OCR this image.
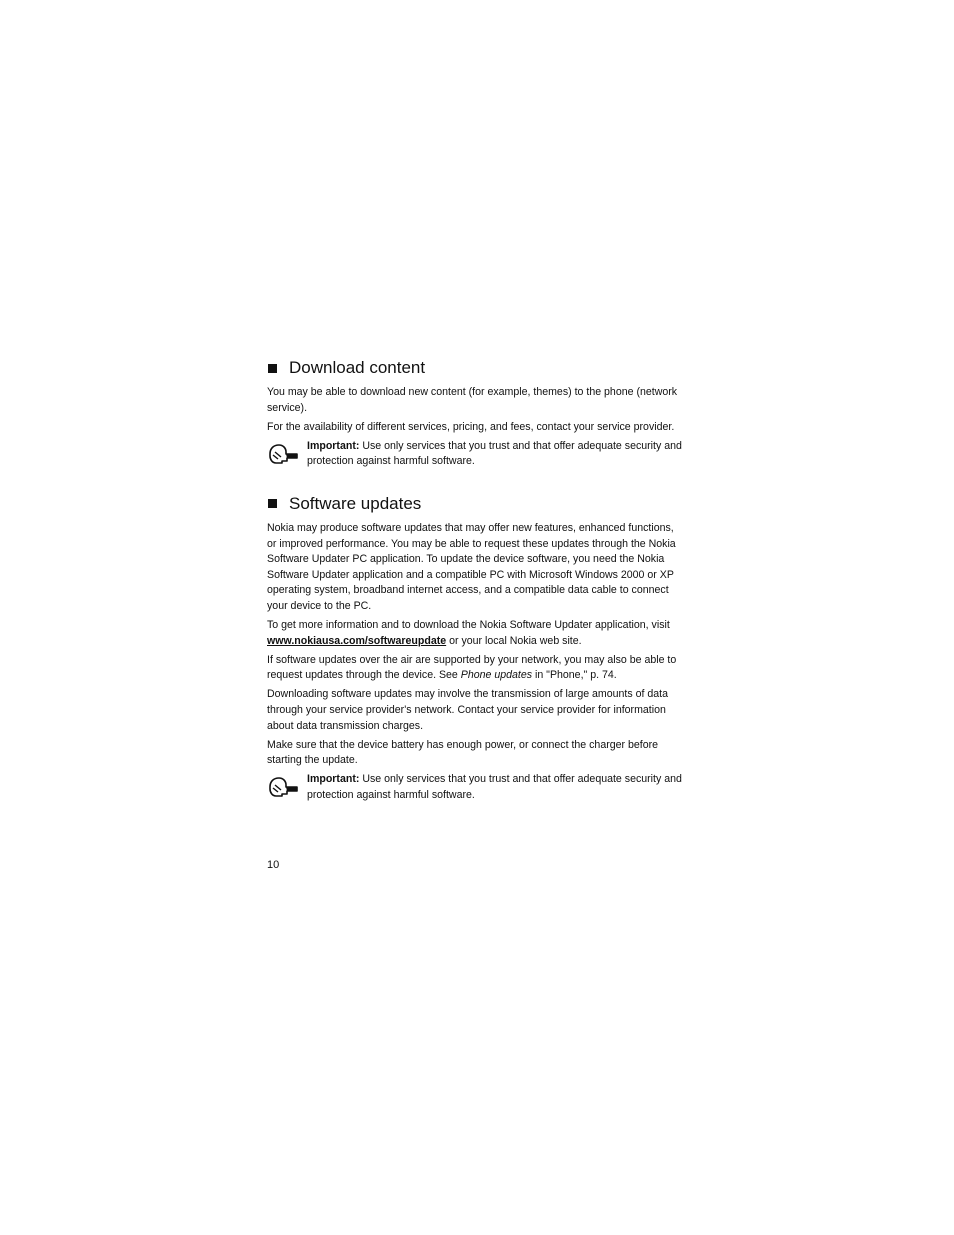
Download content

You may be able to download new content (for example, themes) to the phone (network service).

For the availability of different services, pricing, and fees, contact your service provider.

Important: Use only services that you trust and that offer adequate security and protection against harmful software.
Software updates

Nokia may produce software updates that may offer new features, enhanced functions, or improved performance. You may be able to request these updates through the Nokia Software Updater PC application. To update the device software, you need the Nokia Software Updater application and a compatible PC with Microsoft Windows 2000 or XP operating system, broadband internet access, and a compatible data cable to connect your device to the PC.

To get more information and to download the Nokia Software Updater application, visit www.nokiausa.com/softwareupdate or your local Nokia web site.

If software updates over the air are supported by your network, you may also be able to request updates through the device. See Phone updates in "Phone," p. 74.

Downloading software updates may involve the transmission of large amounts of data through your service provider's network. Contact your service provider for information about data transmission charges.

Make sure that the device battery has enough power, or connect the charger before starting the update.

Important: Use only services that you trust and that offer adequate security and protection against harmful software.
10
